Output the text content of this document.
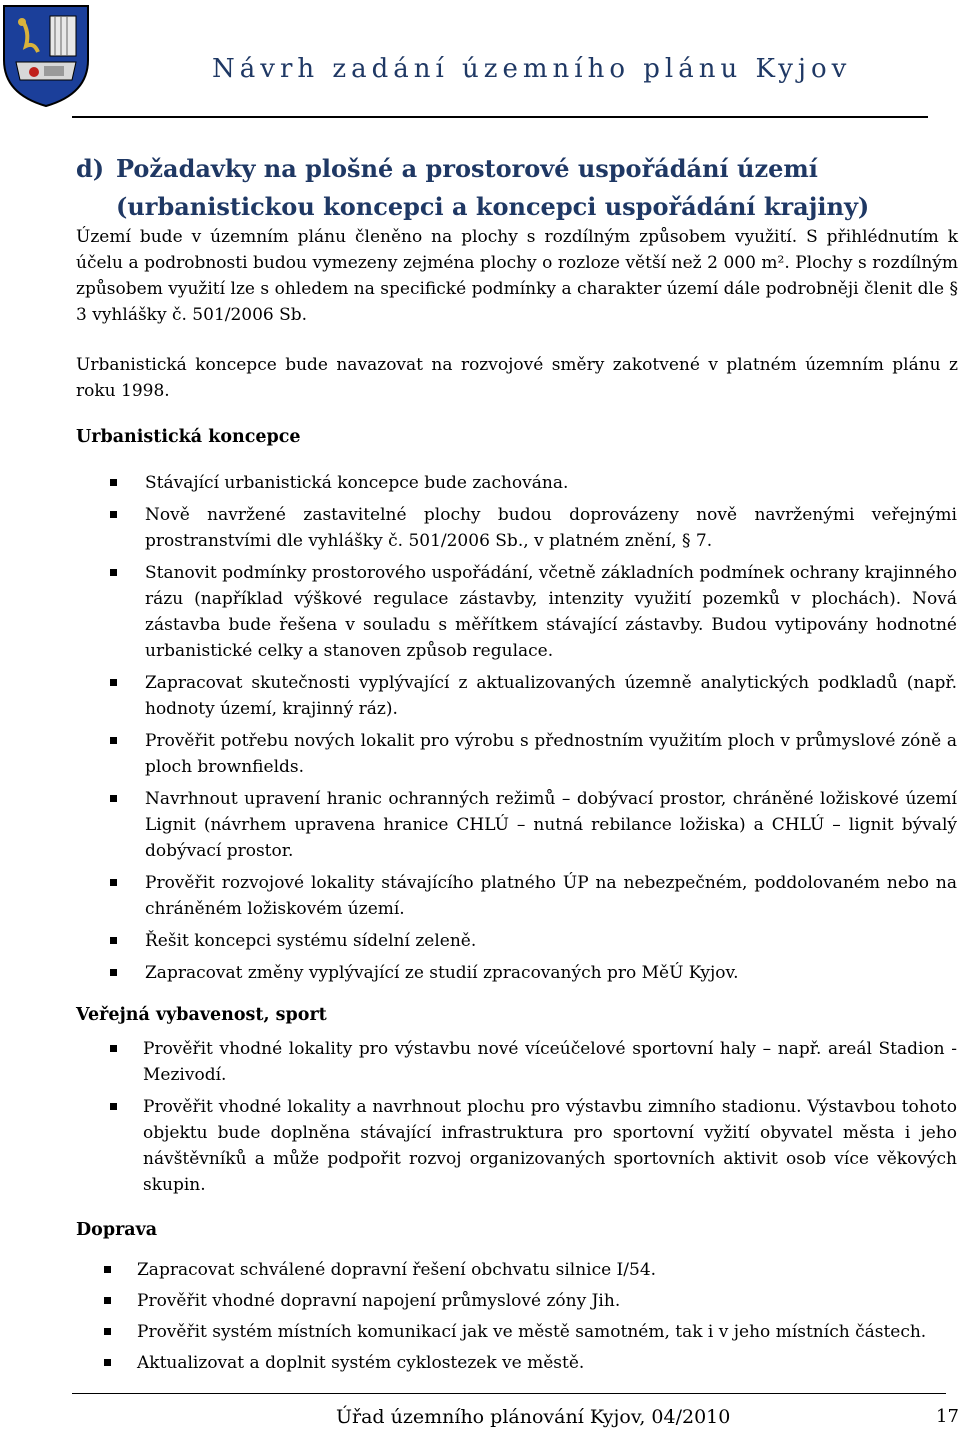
Návrh zadání územního plánu Kyjov
d) Požadavky na plošné a prostorové uspořádání území
(urbanistickou koncepci a koncepci uspořádání krajiny)

Území bude v územním plánu členěno na plochy s rozdílným způsobem využití. S přihlédnutím k účelu a podrobnosti budou vymezeny zejména plochy o rozloze větší než 2 000 m². Plochy s rozdílným způsobem využití lze s ohledem na specifické podmínky a charakter území dále podrobněji členit dle § 3 vyhlášky č. 501/2006 Sb.

Urbanistická koncepce bude navazovat na rozvojové směry zakotvené v platném územním plánu z roku 1998.

Urbanistická koncepce
Stávající urbanistická koncepce bude zachována.
Nově navržené zastavitelné plochy budou doprovázeny nově navrženými veřejnými prostranstvími dle vyhlášky č. 501/2006 Sb., v platném znění, § 7.
Stanovit podmínky prostorového uspořádání, včetně základních podmínek ochrany krajinného rázu (například výškové regulace zástavby, intenzity využití pozemků v plochách). Nová zástavba bude řešena v souladu s měřítkem stávající zástavby. Budou vytipovány hodnotné urbanistické celky a stanoven způsob regulace.
Zapracovat skutečnosti vyplývající z aktualizovaných územně analytických podkladů (např. hodnoty území, krajinný ráz).
Prověřit potřebu nových lokalit pro výrobu s přednostním využitím ploch v průmyslové zóně a ploch brownfields.
Navrhnout upravení hranic ochranných režimů – dobývací prostor, chráněné ložiskové území Lignit (návrhem upravena hranice CHLÚ – nutná rebilance ložiska) a CHLÚ – lignit bývalý dobývací prostor.
Prověřit rozvojové lokality stávajícího platného ÚP na nebezpečném, poddolovaném nebo na chráněném ložiskovém území.
Řešit koncepci systému sídelní zeleně.
Zapracovat změny vyplývající ze studií zpracovaných pro MěÚ Kyjov.
Veřejná vybavenost, sport
Prověřit vhodné lokality pro výstavbu nové víceúčelové sportovní haly – např. areál Stadion - Mezivodí.
Prověřit vhodné lokality a navrhnout plochu pro výstavbu zimního stadionu. Výstavbou tohoto objektu bude doplněna stávající infrastruktura pro sportovní vyžití obyvatel města i jeho návštěvníků a může podpořit rozvoj organizovaných sportovních aktivit osob více věkových skupin.
Doprava
Zapracovat schválené dopravní řešení obchvatu silnice I/54.
Prověřit vhodné dopravní napojení průmyslové zóny Jih.
Prověřit systém místních komunikací jak ve městě samotném, tak i v jeho místních částech.
Aktualizovat a doplnit systém cyklostezek ve městě.
Úřad územního plánování Kyjov, 04/2010	17
